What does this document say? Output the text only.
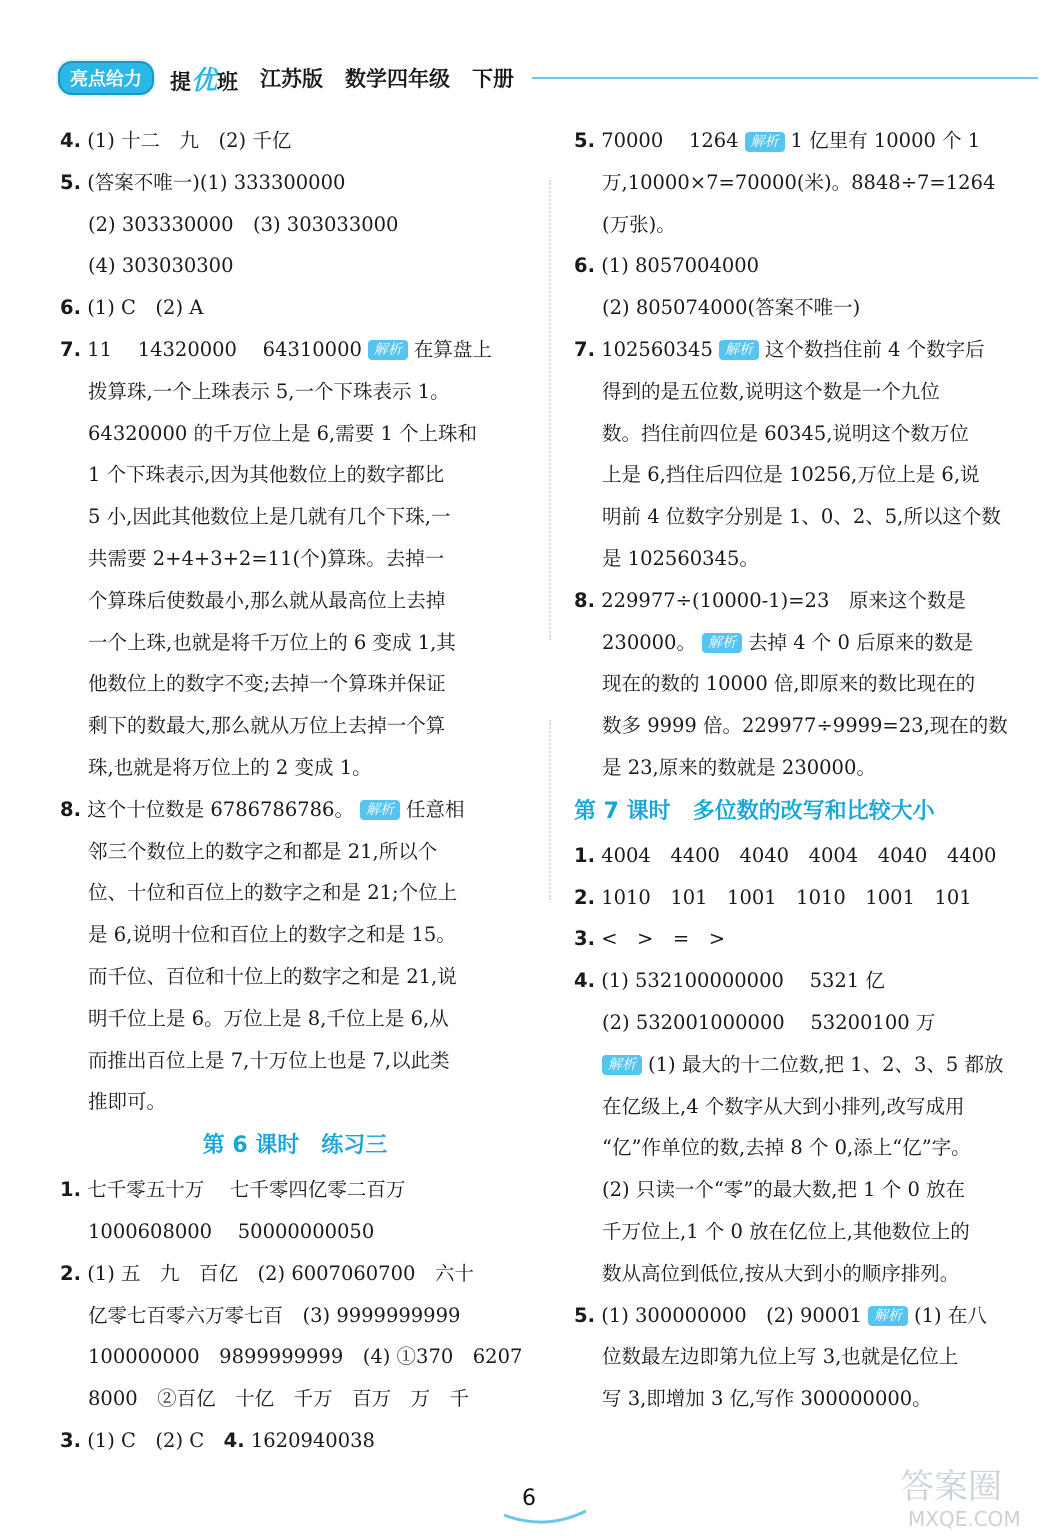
亮点给力	提优班 江苏版 数学四年级 下册

4. (1) 十二　九　(2) 千亿

5. (答案不唯一)(1) 333300000

(2) 303330000　(3) 303033000

(4) 303030300

6. (1) C　(2) A

7. 11　 14320000　 64310000 解析 在算盘上

拨算珠,一个上珠表示 5,一个下珠表示 1。

64320000 的千万位上是 6,需要 1 个上珠和

1 个下珠表示,因为其他数位上的数字都比

5 小,因此其他数位上是几就有几个下珠,一

共需要 2+4+3+2=11(个)算珠。去掉一

个算珠后使数最小,那么就从最高位上去掉

一个上珠,也就是将千万位上的 6 变成 1,其

他数位上的数字不变;去掉一个算珠并保证

剩下的数最大,那么就从万位上去掉一个算

珠,也就是将万位上的 2 变成 1。

8. 这个十位数是 6786786786。 解析 任意相

邻三个数位上的数字之和都是 21,所以个

位、十位和百位上的数字之和是 21;个位上

是 6,说明十位和百位上的数字之和是 15。

而千位、百位和十位上的数字之和是 21,说

明千位上是 6。万位上是 8,千位上是 6,从

而推出百位上是 7,十万位上也是 7,以此类

推即可。

第 6 课时　练习三

1. 七千零五十万　 七千零四亿零二百万

1000608000　 50000000050

2. (1) 五　九　百亿　(2) 6007060700　六十

亿零七百零六万零七百　(3) 9999999999

100000000　9899999999　(4) ①370　6207

8000　②百亿　十亿　千万　百万　万　千

3. (1) C　(2) C　4. 1620940038

5. 70000　 1264 解析 1 亿里有 10000 个 1

万,10000×7=70000(米)。8848÷7=1264

(万张)。

6. (1) 8057004000

(2) 805074000(答案不唯一)

7. 102560345 解析 这个数挡住前 4 个数字后

得到的是五位数,说明这个数是一个九位

数。挡住前四位是 60345,说明这个数万位

上是 6,挡住后四位是 10256,万位上是 6,说

明前 4 位数字分别是 1、0、2、5,所以这个数

是 102560345。

8. 229977÷(10000-1)=23　原来这个数是

230000。 解析 去掉 4 个 0 后原来的数是

现在的数的 10000 倍,即原来的数比现在的

数多 9999 倍。229977÷9999=23,现在的数

是 23,原来的数就是 230000。

第 7 课时　多位数的改写和比较大小

1. 4004　4400　4040　4004　4040　4400

2. 1010　101　1001　1010　1001　101

3. <　>　=　>

4. (1) 532100000000　 5321 亿

(2) 532001000000　 53200100 万

解析 (1) 最大的十二位数,把 1、2、3、5 都放

在亿级上,4 个数字从大到小排列,改写成用

“亿”作单位的数,去掉 8 个 0,添上“亿”字。

(2) 只读一个“零”的最大数,把 1 个 0 放在

千万位上,1 个 0 放在亿位上,其他数位上的

数从高位到低位,按从大到小的顺序排列。

5. (1) 300000000　(2) 90001 解析 (1) 在八

位数最左边即第九位上写 3,也就是亿位上

写 3,即增加 3 亿,写作 300000000。

6	答案圈
MXQE.COM
